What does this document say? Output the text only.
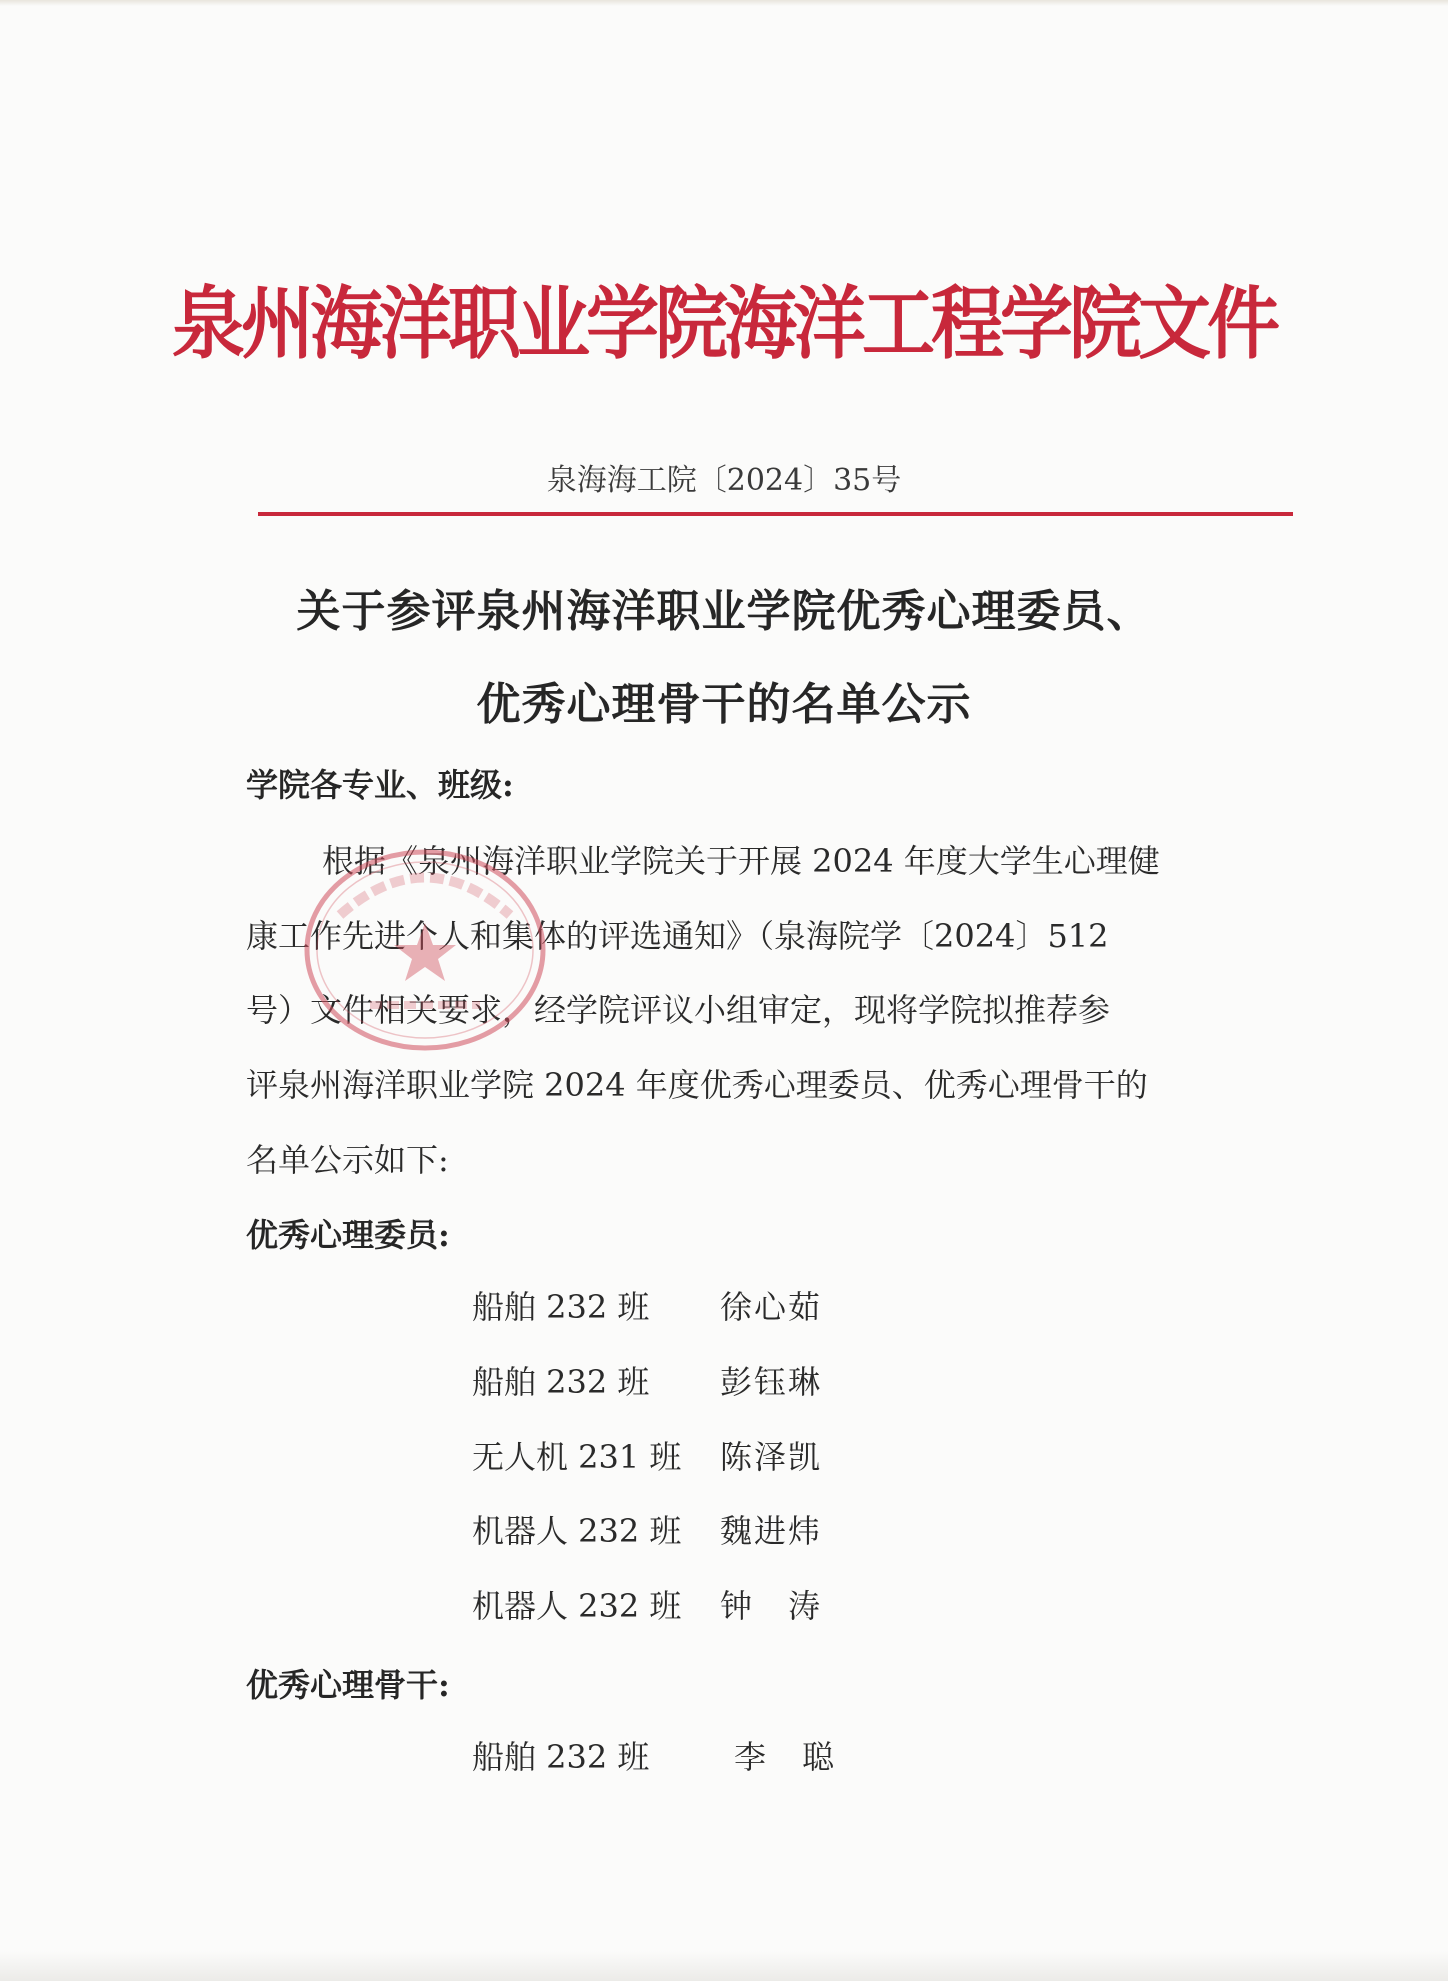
泉州海洋职业学院海洋工程学院文件
泉海海工院〔2024〕35号
关于参评泉州海洋职业学院优秀心理委员、
优秀心理骨干的名单公示
学院各专业、班级:
根据《泉州海洋职业学院关于开展 2024 年度大学生心理健
康工作先进个人和集体的评选通知》（泉海院学〔2024〕512
号）文件相关要求，经学院评议小组审定，现将学院拟推荐参
评泉州海洋职业学院 2024 年度优秀心理委员、优秀心理骨干的
名单公示如下:
优秀心理委员:
船舶 232 班 徐心茹
船舶 232 班 彭钰琳
无人机 231 班 陈泽凯
机器人 232 班 魏进炜
机器人 232 班 钟　涛
优秀心理骨干:
船舶 232 班	李　聪
